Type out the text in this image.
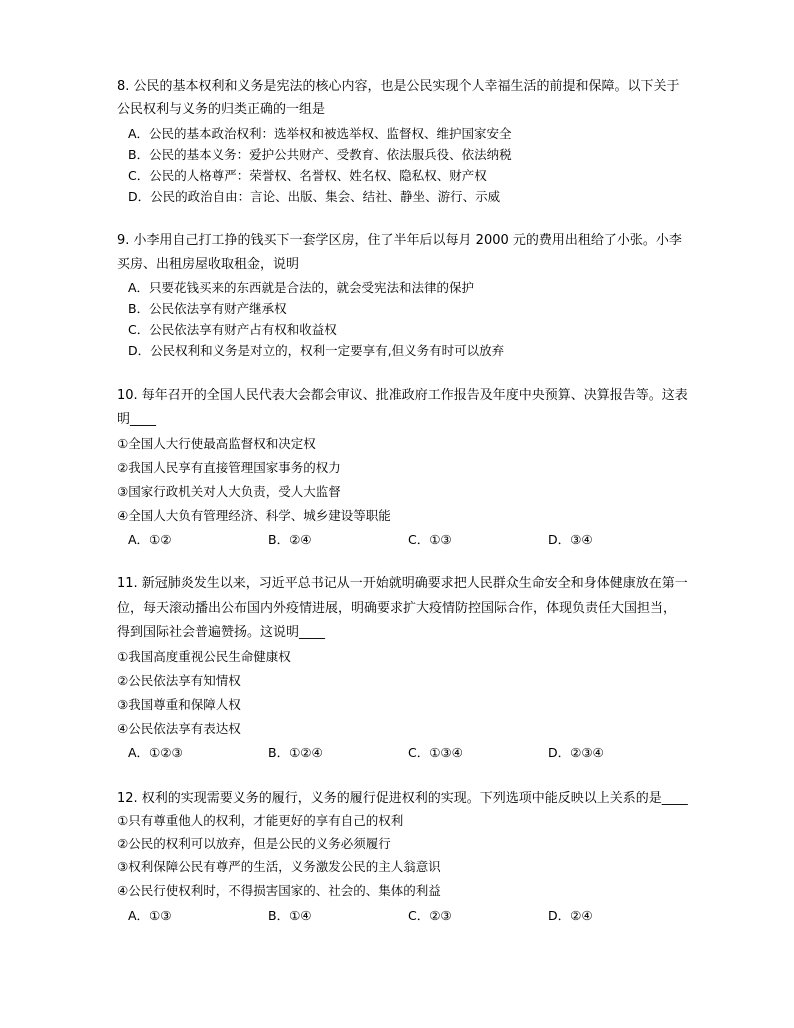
8. 公民的基本权利和义务是宪法的核心内容，也是公民实现个人幸福生活的前提和保障。以下关于
公民权利与义务的归类正确的一组是
A．公民的基本政治权利：选举权和被选举权、监督权、维护国家安全
B．公民的基本义务：爱护公共财产、受教育、依法服兵役、依法纳税
C．公民的人格尊严：荣誉权、名誉权、姓名权、隐私权、财产权
D．公民的政治自由：言论、出版、集会、结社、静坐、游行、示威
9. 小李用自己打工挣的钱买下一套学区房，住了半年后以每月 2000 元的费用出租给了小张。小李
买房、出租房屋收取租金，说明
A．只要花钱买来的东西就是合法的，就会受宪法和法律的保护
B．公民依法享有财产继承权
C．公民依法享有财产占有权和收益权
D．公民权利和义务是对立的，权利一定要享有,但义务有时可以放弃
10. 每年召开的全国人民代表大会都会审议、批准政府工作报告及年度中央预算、决算报告等。这表
明____
①全国人大行使最高监督权和决定权
②我国人民享有直接管理国家事务的权力
③国家行政机关对人大负责，受人大监督
④全国人大负有管理经济、科学、城乡建设等职能
A．①②	B．②④	C．①③	D．③④
11. 新冠肺炎发生以来，习近平总书记从一开始就明确要求把人民群众生命安全和身体健康放在第一
位，每天滚动播出公布国内外疫情进展，明确要求扩大疫情防控国际合作，体现负责任大国担当，
得到国际社会普遍赞扬。这说明____
①我国高度重视公民生命健康权
②公民依法享有知情权
③我国尊重和保障人权
④公民依法享有表达权
A．①②③	B．①②④	C．①③④	D．②③④
12. 权利的实现需要义务的履行，义务的履行促进权利的实现。下列选项中能反映以上关系的是____
①只有尊重他人的权利，才能更好的享有自己的权利
②公民的权利可以放弃，但是公民的义务必须履行
③权利保障公民有尊严的生活，义务激发公民的主人翁意识
④公民行使权利时，不得损害国家的、社会的、集体的利益
A．①③	B．①④	C．②③	D．②④
